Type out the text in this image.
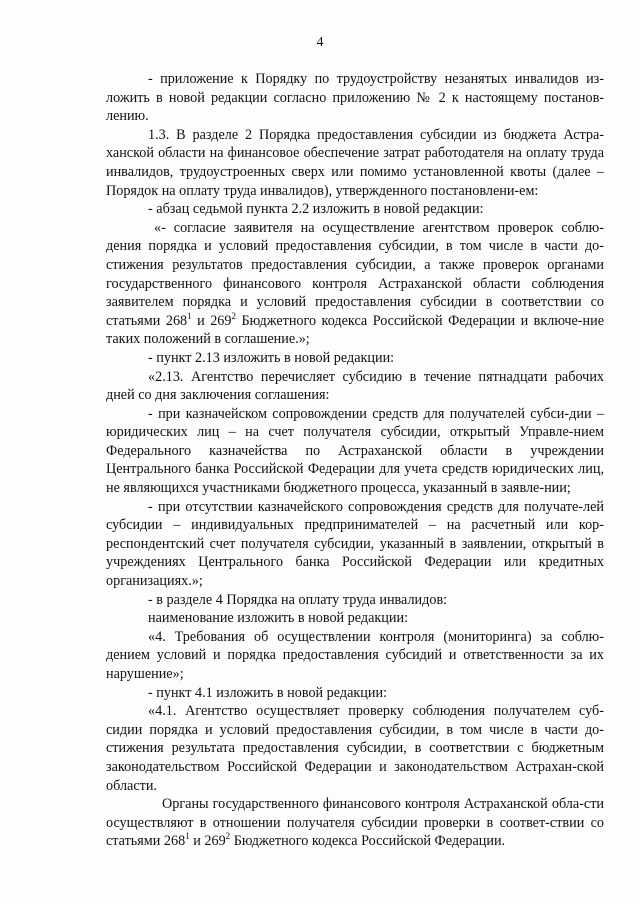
4

- приложение к Порядку по трудоустройству незанятых инвалидов из-ложить в новой редакции согласно приложению № 2 к настоящему постанов-лению.

1.3. В разделе 2 Порядка предоставления субсидии из бюджета Астра-ханской области на финансовое обеспечение затрат работодателя на оплату труда инвалидов, трудоустроенных сверх или помимо установленной квоты (далее – Порядок на оплату труда инвалидов), утвержденного постановлени-ем:

- абзац седьмой пункта 2.2 изложить в новой редакции:

«- согласие заявителя на осуществление агентством проверок соблю-дения порядка и условий предоставления субсидии, в том числе в части до-стижения результатов предоставления субсидии, а также проверок органами государственного финансового контроля Астраханской области соблюдения заявителем порядка и условий предоставления субсидии в соответствии со статьями $268^1$ и $269^2$ Бюджетного кодекса Российской Федерации и включе-ние таких положений в соглашение.»;

- пункт 2.13 изложить в новой редакции:

«2.13. Агентство перечисляет субсидию в течение пятнадцати рабочих дней со дня заключения соглашения:

- при казначейском сопровождении средств для получателей субси-дии – юридических лиц – на счет получателя субсидии, открытый Управле-нием Федерального казначейства по Астраханской области в учреждении Центрального банка Российской Федерации для учета средств юридических лиц, не являющихся участниками бюджетного процесса, указанный в заявле-нии;

- при отсутствии казначейского сопровождения средств для получате-лей субсидии – индивидуальных предпринимателей – на расчетный или кор-респондентский счет получателя субсидии, указанный в заявлении, открытый в учреждениях Центрального банка Российской Федерации или кредитных организациях.»;

- в разделе 4 Порядка на оплату труда инвалидов:

наименование изложить в новой редакции:

«4. Требования об осуществлении контроля (мониторинга) за соблю-дением условий и порядка предоставления субсидий и ответственности за их нарушение»;

- пункт 4.1 изложить в новой редакции:

«4.1. Агентство осуществляет проверку соблюдения получателем суб-сидии порядка и условий предоставления субсидии, в том числе в части до-стижения результата предоставления субсидии, в соответствии с бюджетным законодательством Российской Федерации и законодательством Астрахан-ской области.

Органы государственного финансового контроля Астраханской обла-сти осуществляют в отношении получателя субсидии проверки в соответ-ствии со статьями $268^1$ и $269^2$ Бюджетного кодекса Российской Федерации.
